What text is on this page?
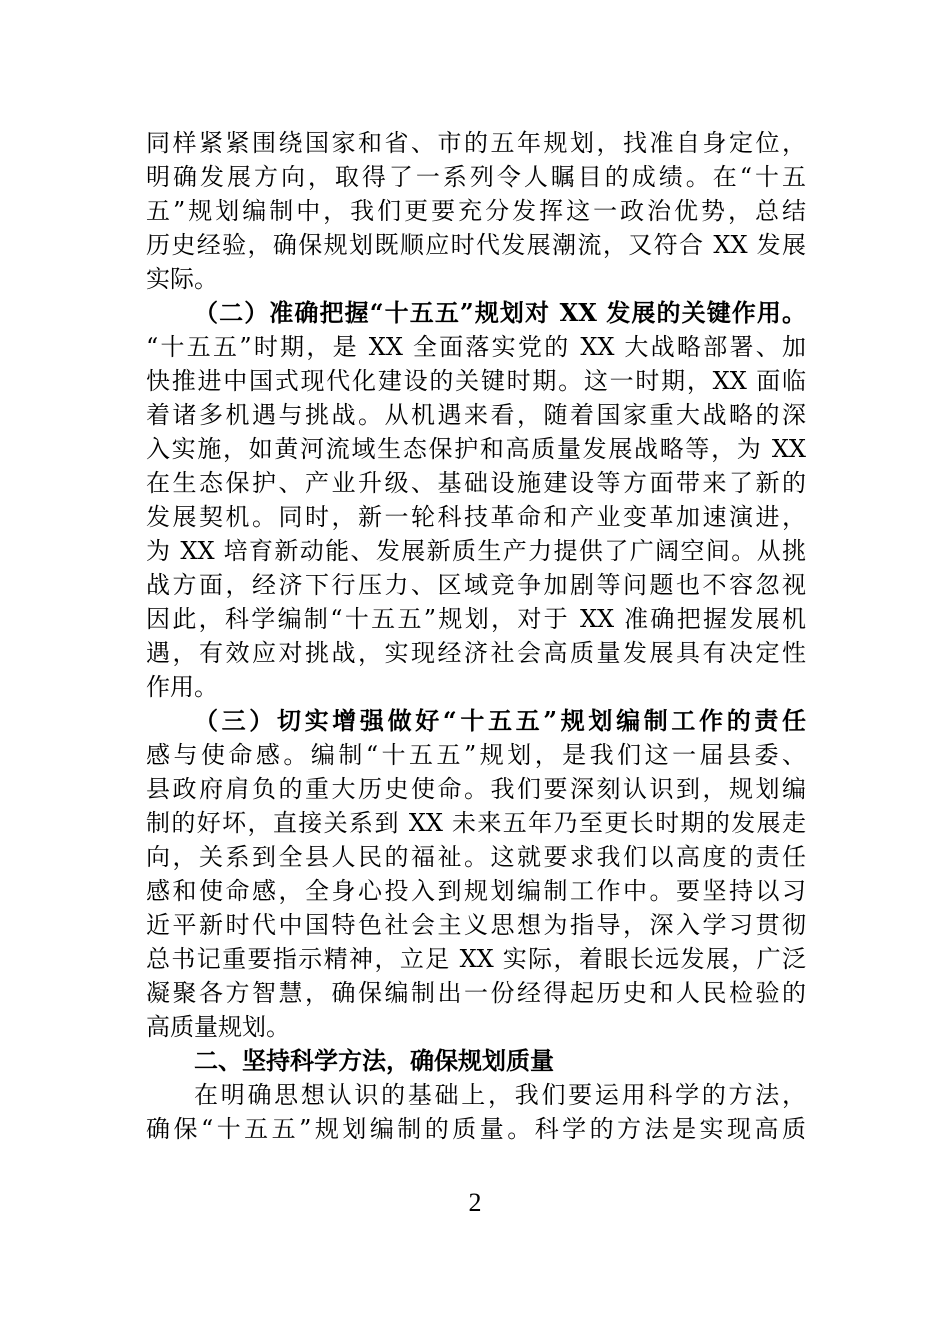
同样紧紧围绕国家和省、市的五年规划，找准自身定位，
明确发展方向，取得了一系列令人瞩目的成绩。在“十五
五”规划编制中，我们更要充分发挥这一政治优势，总结
历史经验，确保规划既顺应时代发展潮流，又符合 XX 发展
实际。
（二）准确把握“十五五”规划对 XX 发展的关键作用。
“十五五”时期，是 XX 全面落实党的 XX 大战略部署、加
快推进中国式现代化建设的关键时期。这一时期，XX 面临
着诸多机遇与挑战。从机遇来看，随着国家重大战略的深
入实施，如黄河流域生态保护和高质量发展战略等，为 XX
在生态保护、产业升级、基础设施建设等方面带来了新的
发展契机。同时，新一轮科技革命和产业变革加速演进，
为 XX 培育新动能、发展新质生产力提供了广阔空间。从挑
战方面，经济下行压力、区域竞争加剧等问题也不容忽视
因此，科学编制“十五五”规划，对于 XX 准确把握发展机
遇，有效应对挑战，实现经济社会高质量发展具有决定性
作用。
（三）切实增强做好“十五五”规划编制工作的责任
感与使命感。编制“十五五”规划，是我们这一届县委、
县政府肩负的重大历史使命。我们要深刻认识到，规划编
制的好坏，直接关系到 XX 未来五年乃至更长时期的发展走
向，关系到全县人民的福祉。这就要求我们以高度的责任
感和使命感，全身心投入到规划编制工作中。要坚持以习
近平新时代中国特色社会主义思想为指导，深入学习贯彻
总书记重要指示精神，立足 XX 实际，着眼长远发展，广泛
凝聚各方智慧，确保编制出一份经得起历史和人民检验的
高质量规划。
二、坚持科学方法，确保规划质量
在明确思想认识的基础上，我们要运用科学的方法，
确保“十五五”规划编制的质量。科学的方法是实现高质
2
